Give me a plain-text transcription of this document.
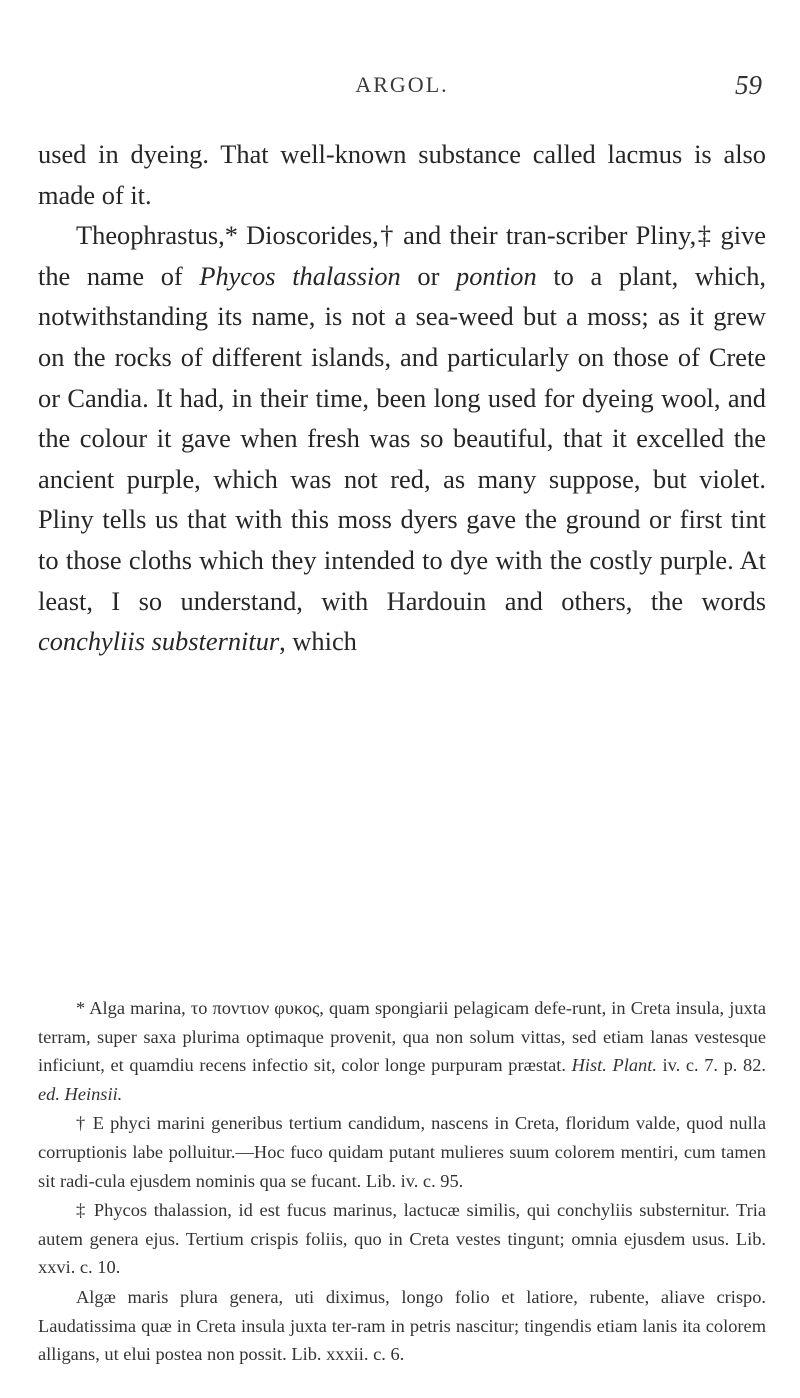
ARGOL.	59

used in dyeing. That well-known substance called lacmus is also made of it.

Theophrastus,* Dioscorides,† and their tran-scriber Pliny,‡ give the name of Phycos thalassion or pontion to a plant, which, notwithstanding its name, is not a sea-weed but a moss; as it grew on the rocks of different islands, and particularly on those of Crete or Candia. It had, in their time, been long used for dyeing wool, and the colour it gave when fresh was so beautiful, that it excelled the ancient purple, which was not red, as many suppose, but violet. Pliny tells us that with this moss dyers gave the ground or first tint to those cloths which they intended to dye with the costly purple. At least, I so understand, with Hardouin and others, the words conchyliis substernitur, which

* Alga marina, το ποντιον φυκος, quam spongiarii pelagicam defe-runt, in Creta insula, juxta terram, super saxa plurima optimaque provenit, qua non solum vittas, sed etiam lanas vestesque inficiunt, et quamdiu recens infectio sit, color longe purpuram præstat. Hist. Plant. iv. c. 7. p. 82. ed. Heinsii.

† E phyci marini generibus tertium candidum, nascens in Creta, floridum valde, quod nulla corruptionis labe polluitur.—Hoc fuco quidam putant mulieres suum colorem mentiri, cum tamen sit radi-cula ejusdem nominis qua se fucant. Lib. iv. c. 95.

‡ Phycos thalassion, id est fucus marinus, lactucæ similis, qui conchyliis substernitur. Tria autem genera ejus. Tertium crispis foliis, quo in Creta vestes tingunt; omnia ejusdem usus. Lib. xxvi. c. 10.

Algæ maris plura genera, uti diximus, longo folio et latiore, rubente, aliave crispo. Laudatissima quæ in Creta insula juxta ter-ram in petris nascitur; tingendis etiam lanis ita colorem alligans, ut elui postea non possit. Lib. xxxii. c. 6.
